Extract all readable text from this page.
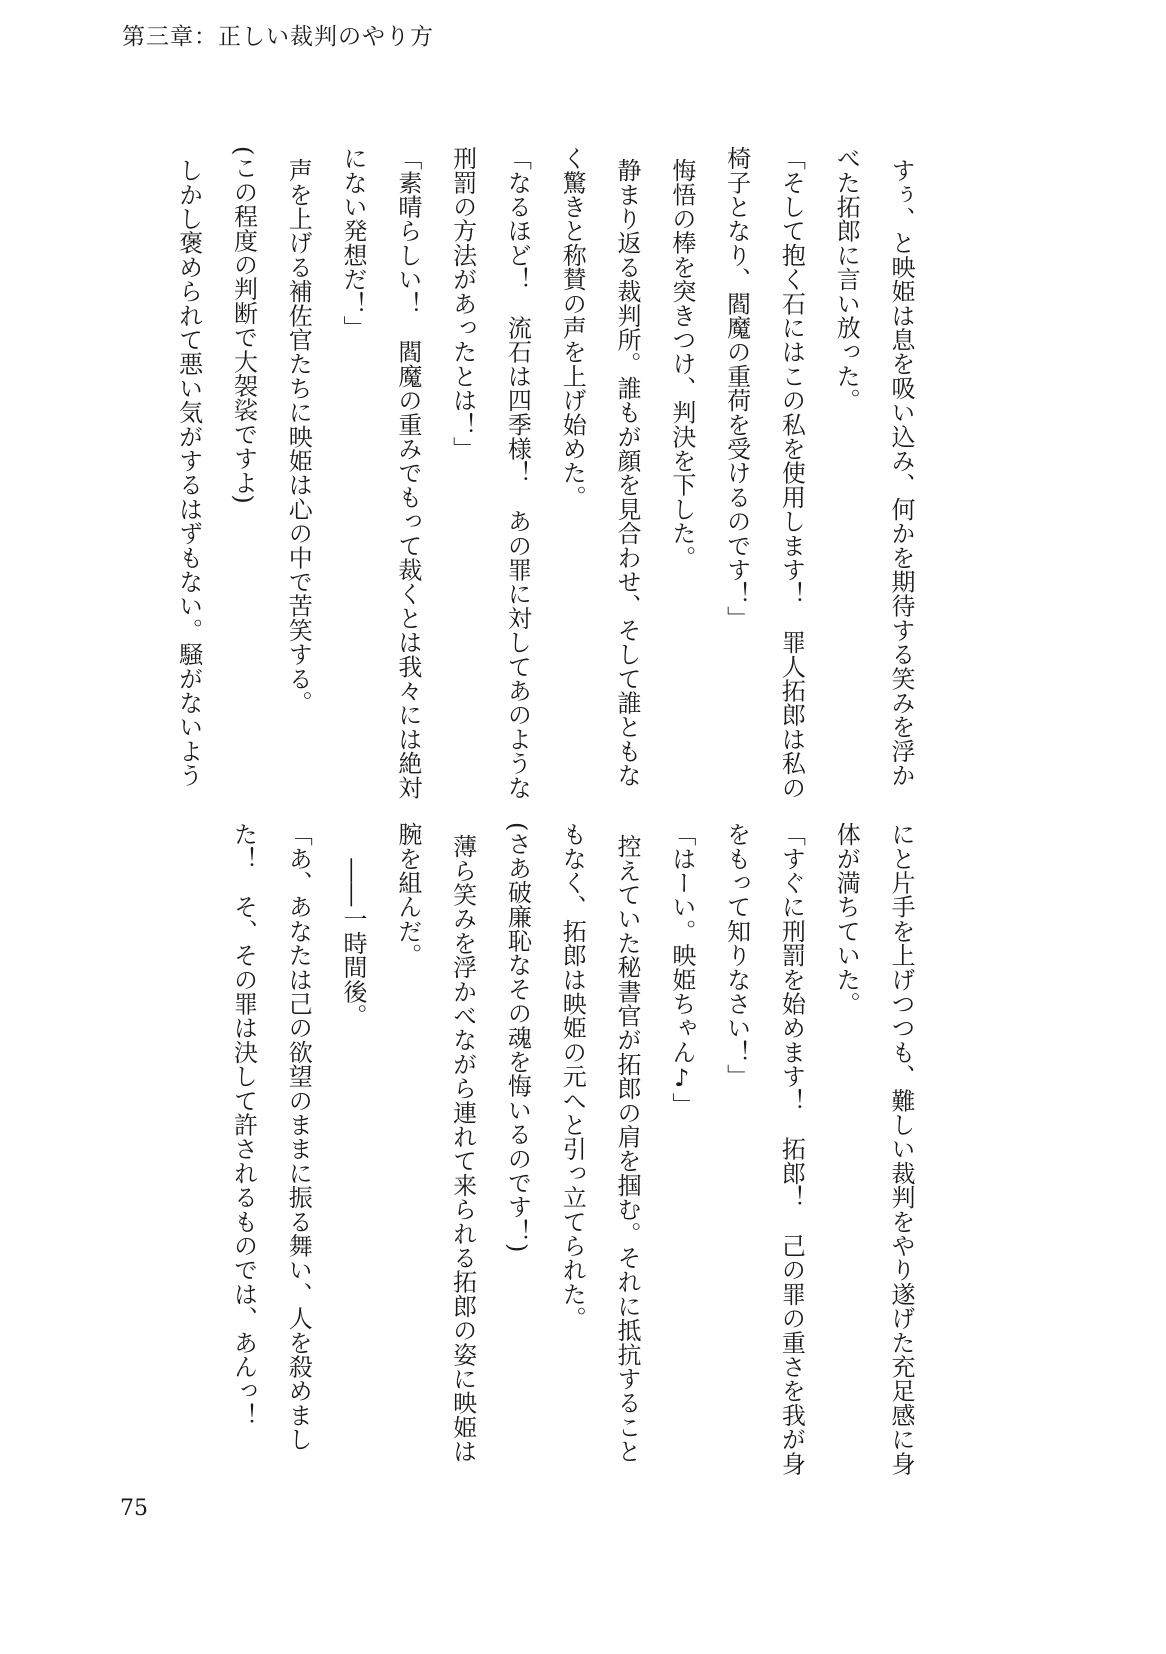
第三章：正しい裁判のやり方
すぅ、と映姫は息を吸い込み、何かを期待する笑みを浮か
べた拓郎に言い放った。
「そして抱く石にはこの私を使用します！　罪人拓郎は私の
椅子となり、閻魔の重荷を受けるのです！」
悔悟の棒を突きつけ、判決を下した。
静まり返る裁判所。誰もが顔を見合わせ、そして誰ともな
く驚きと称賛の声を上げ始めた。
「なるほど！　流石は四季様！　あの罪に対してあのような
刑罰の方法があったとは！」
「素晴らしい！　閻魔の重みでもって裁くとは我々には絶対
にない発想だ！」
声を上げる補佐官たちに映姫は心の中で苦笑する。
(この程度の判断で大袈裟ですよ)
しかし褒められて悪い気がするはずもない。騒がないよう
にと片手を上げつつも、難しい裁判をやり遂げた充足感に身
体が満ちていた。
「すぐに刑罰を始めます！　拓郎！　己の罪の重さを我が身
をもって知りなさい！」
「はーい。映姫ちゃん♪」
控えていた秘書官が拓郎の肩を掴む。それに抵抗すること
もなく、拓郎は映姫の元へと引っ立てられた。
(さあ破廉恥なその魂を悔いるのです！)
薄ら笑みを浮かべながら連れて来られる拓郎の姿に映姫は
腕を組んだ。
　――一時間後。
「あ、あなたは己の欲望のままに振る舞い、人を殺めまし
た！　そ、その罪は決して許されるものでは、あんっ！
75
